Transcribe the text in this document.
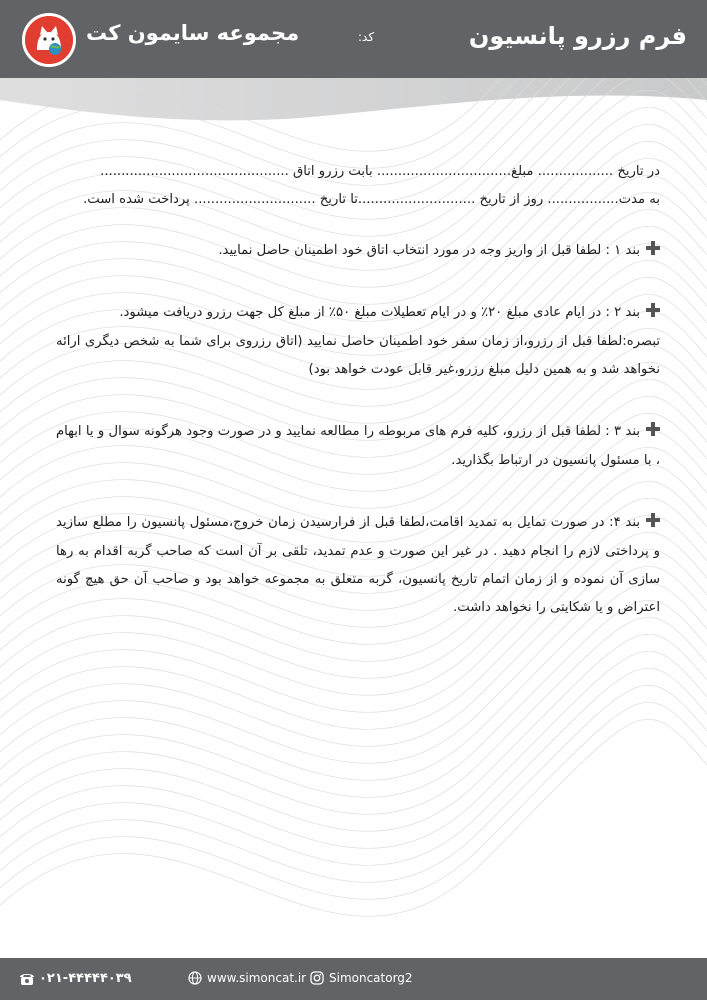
فرم رزرو پانسیون
کد:
مجموعه سایمون کت
در تاریخ .................. مبلغ................................ بابت رزرو اتاق .............................................
به مدت................. روز از تاریخ ............................تا تاریخ ............................. پرداخت شده است.

بند ۱ : لطفا قبل از واریز وجه در مورد انتخاب اتاق خود اطمینان حاصل نمایید.

بند ۲ : در ایام عادی مبلغ ۲۰٪ و در ایام تعطیلات مبلغ ۵۰٪ از مبلغ کل جهت رزرو دریافت میشود.

تبصره:لطفا قبل از رزرو،از زمان سفر خود اطمینان حاصل نمایید (اتاق رزروی برای شما به شخص دیگری ارائه نخواهد شد و به همین دلیل مبلغ رزرو،غیر قابل عودت خواهد بود)

بند ۳ : لطفا قبل از رزرو، کلیه فرم های مربوطه را مطالعه نمایید و در صورت وجود هرگونه سوال و یا ابهام ، با مسئول پانسیون در ارتباط بگذارید.

بند ۴: در صورت تمایل به تمدید اقامت،لطفا قبل از فرارسیدن زمان خروج،مسئول پانسیون را مطلع سازید و پرداختی لازم را انجام دهید . در غیر این صورت و عدم تمدید، تلقی بر آن است که صاحب گربه اقدام به رها سازی آن نموده و از زمان اتمام تاریخ پانسیون، گربه متعلق به مجموعه خواهد بود و صاحب آن حق هیچ گونه اعتراض و یا شکایتی را نخواهد داشت.

۰۲۱-۴۴۴۴۴۰۳۹	www.simoncat.ir Simoncatorg2
